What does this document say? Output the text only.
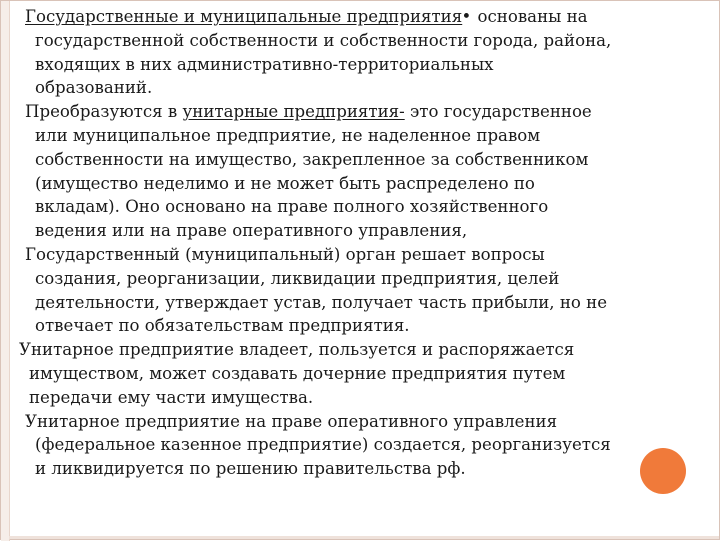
Государственные и муниципальные предприятия • основаны на
государственной собственности и собственности города, района,
входящих в них административно-территориальных
образований.
Преобразуются в унитарные предприятия- это государственное
или муниципальное предприятие, не наделенное правом
собственности на имущество, закрепленное за собственником
(имущество неделимо и не может быть распределено по
вкладам). Оно основано на праве полного хозяйственного
ведения или на праве оперативного управления,
Государственный (муниципальный) орган решает вопросы
создания, реорганизации, ликвидации предприятия, целей
деятельности, утверждает устав, получает часть прибыли, но не
отвечает по обязательствам предприятия.
Унитарное предприятие владеет, пользуется и распоряжается
имуществом, может создавать дочерние предприятия путем
передачи ему части имущества.
Унитарное предприятие на праве оперативного управления
(федеральное казенное предприятие) создается, реорганизуется
и ликвидируется по решению правительства рф.
